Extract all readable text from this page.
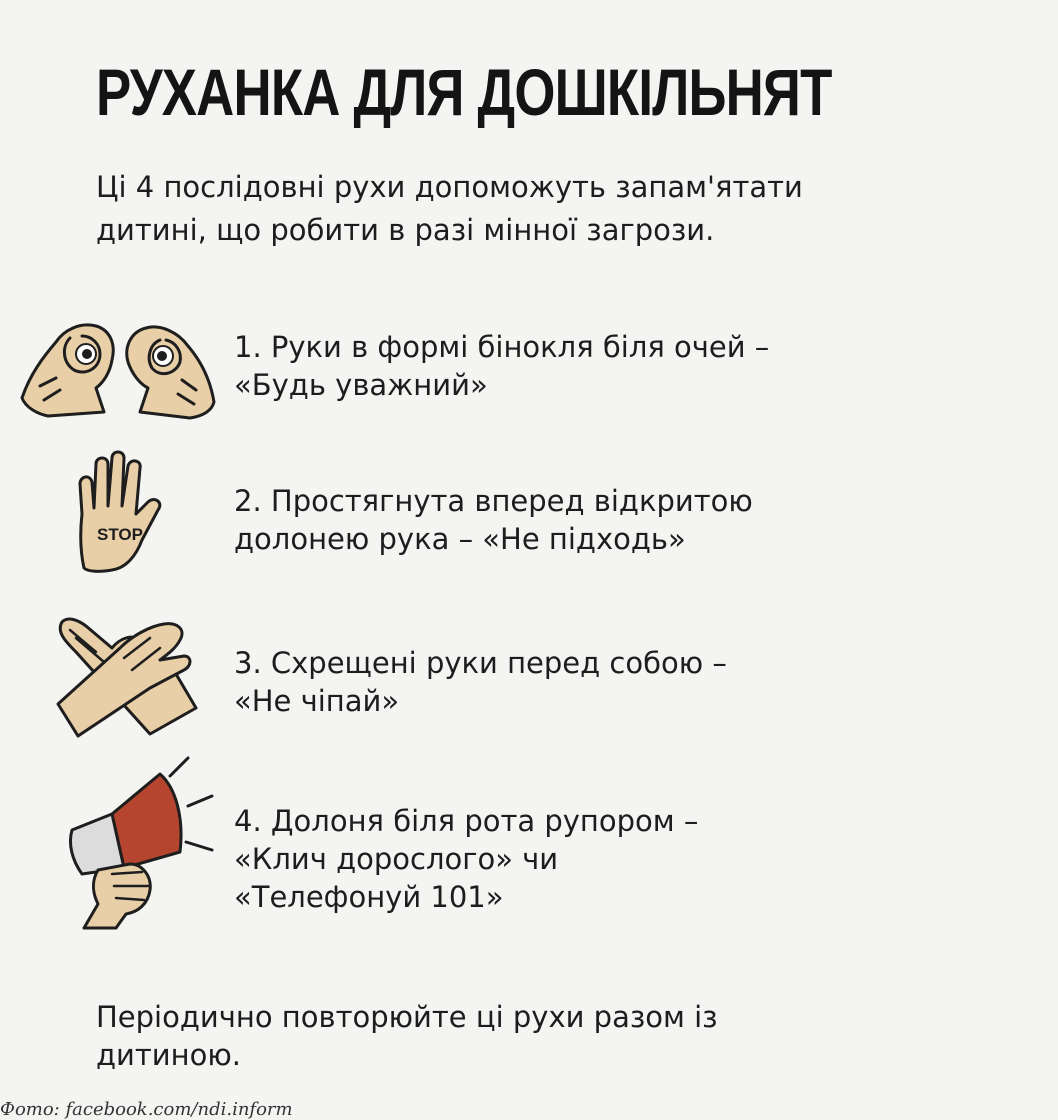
РУХАНКА ДЛЯ ДОШКІЛЬНЯТ

Ці 4 послідовні рухи допоможуть запам'ятати
дитині, що робити в разі мінної загрози.

1. Руки в формі бінокля біля очей –
«Будь уважний»

STOP

2. Простягнута вперед відкритою
долонею рука – «Не підходь»

3. Схрещені руки перед собою –
«Не чіпай»

4. Долоня біля рота рупором –
«Клич дорослого» чи
«Телефонуй 101»

Періодично повторюйте ці рухи разом із
дитиною.

Фото: facebook.com/ndi.inform
